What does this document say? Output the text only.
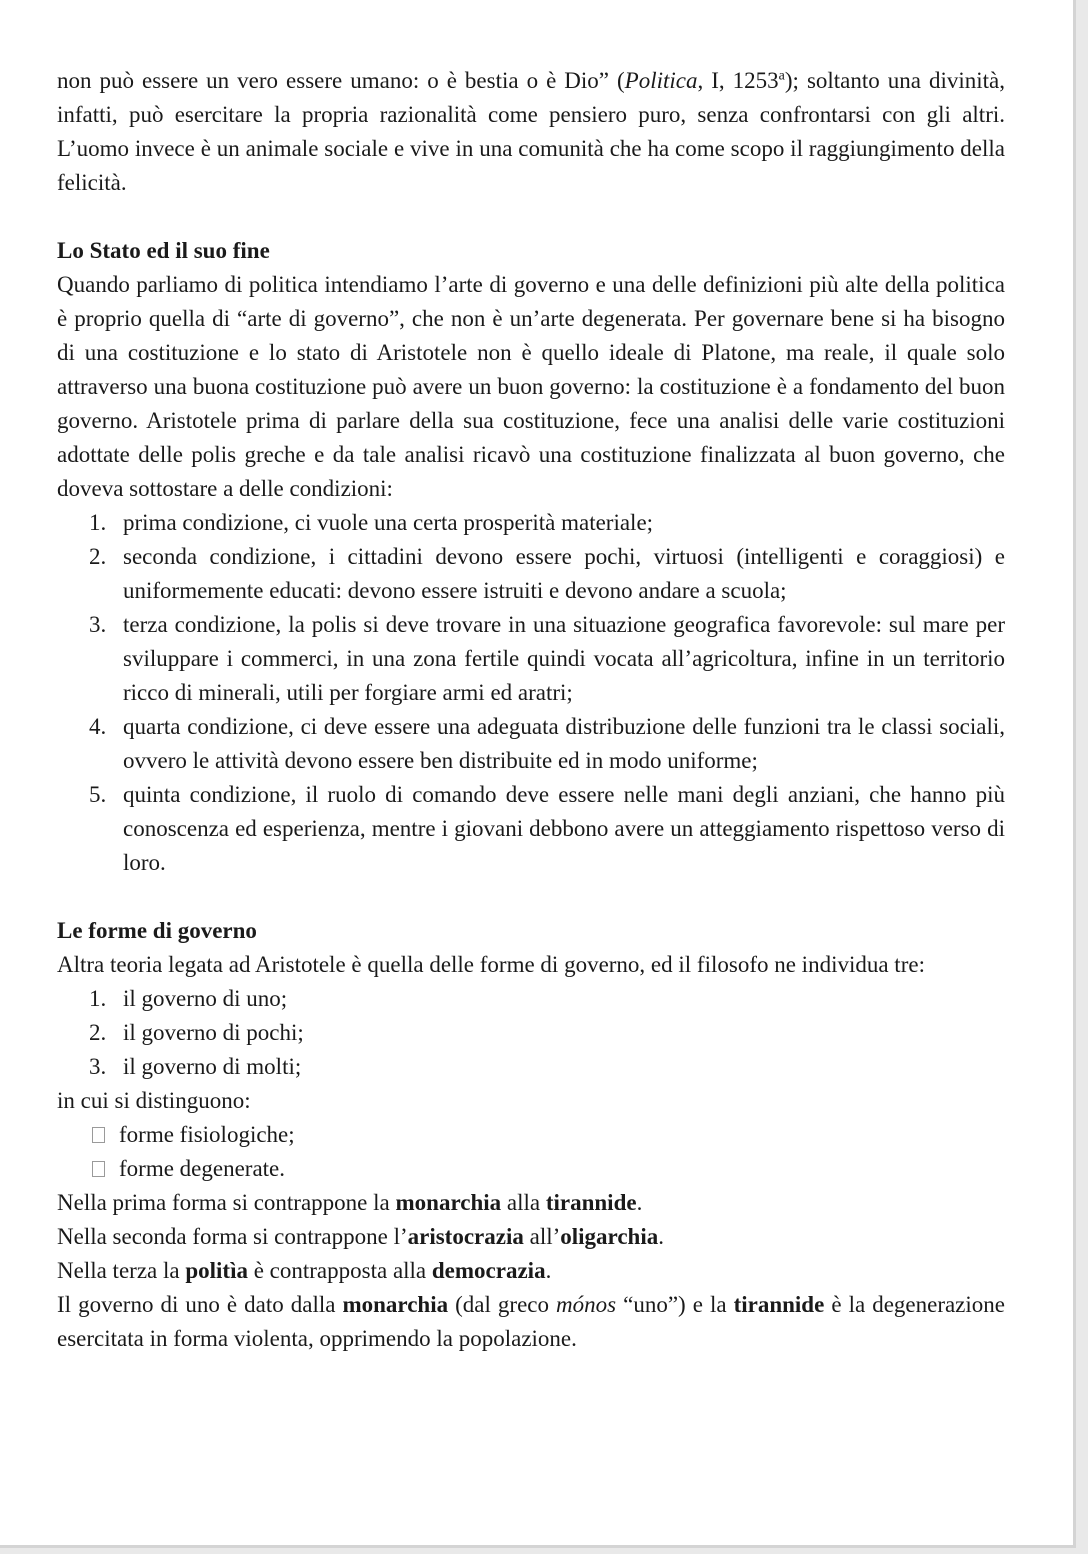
non può essere un vero essere umano: o è bestia o è Dio” (Politica, I, 1253$^a$); soltanto una divinità, infatti, può esercitare la propria razionalità come pensiero puro, senza confrontarsi con gli altri. L’uomo invece è un animale sociale e vive in una comunità che ha come scopo il raggiungimento della felicità.

Lo Stato ed il suo fine

Quando parliamo di politica intendiamo l’arte di governo e una delle definizioni più alte della politica è proprio quella di “arte di governo”, che non è un’arte degenerata. Per governare bene si ha bisogno di una costituzione e lo stato di Aristotele non è quello ideale di Platone, ma reale, il quale solo attraverso una buona costituzione può avere un buon governo: la costituzione è a fondamento del buon governo. Aristotele prima di parlare della sua costituzione, fece una analisi delle varie costituzioni adottate delle polis greche e da tale analisi ricavò una costituzione finalizzata al buon governo, che doveva sottostare a delle condizioni:

1. prima condizione, ci vuole una certa prosperità materiale;
2. seconda condizione, i cittadini devono essere pochi, virtuosi (intelligenti e coraggiosi) e uniformemente educati: devono essere istruiti e devono andare a scuola;
3. terza condizione, la polis si deve trovare in una situazione geografica favorevole: sul mare per sviluppare i commerci, in una zona fertile quindi vocata all’agricoltura, infine in un territorio ricco di minerali, utili per forgiare armi ed aratri;
4. quarta condizione, ci deve essere una adeguata distribuzione delle funzioni tra le classi sociali, ovvero le attività devono essere ben distribuite ed in modo uniforme;
5. quinta condizione, il ruolo di comando deve essere nelle mani degli anziani, che hanno più conoscenza ed esperienza, mentre i giovani debbono avere un atteggiamento rispettoso verso di loro.
Le forme di governo

Altra teoria legata ad Aristotele è quella delle forme di governo, ed il filosofo ne individua tre:

1. il governo di uno;
2. il governo di pochi;
3. il governo di molti;

in cui si distinguono:

forme fisiologiche;
forme degenerate.

Nella prima forma si contrappone la monarchia alla tirannide.

Nella seconda forma si contrappone l’aristocrazia all’oligarchia.

Nella terza la politìa è contrapposta alla democrazia.

Il governo di uno è dato dalla monarchia (dal greco mónos “uno”) e la tirannide è la degenerazione esercitata in forma violenta, opprimendo la popolazione.
